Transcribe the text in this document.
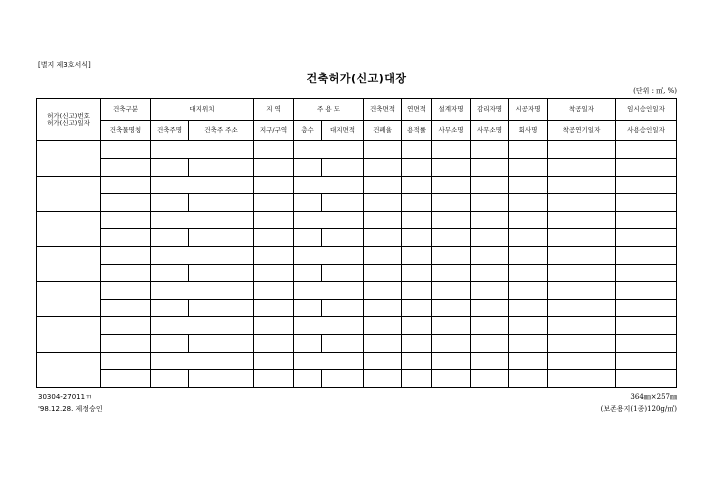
[별지 제3호서식]
건축허가(신고)대장
(단위 : ㎡, %)
허가(신고)번호
허가(신고)일자	건축구분	대지위치		지 역	주 용 도		건축면적	연면적	설계자명	감리자명	시공자명	착공일자	임시승인일자
	건축물명칭	건축주명	건축주 주소	지구/구역	층수	대지면적	건폐율	용적률	사무소명	사무소명	회사명	착공연기일자	사용승인일자

30304-27011ㄲ
'98.12.28. 제정승인
364㎜×257㎜
(보존용지(1종)120g/㎡)
